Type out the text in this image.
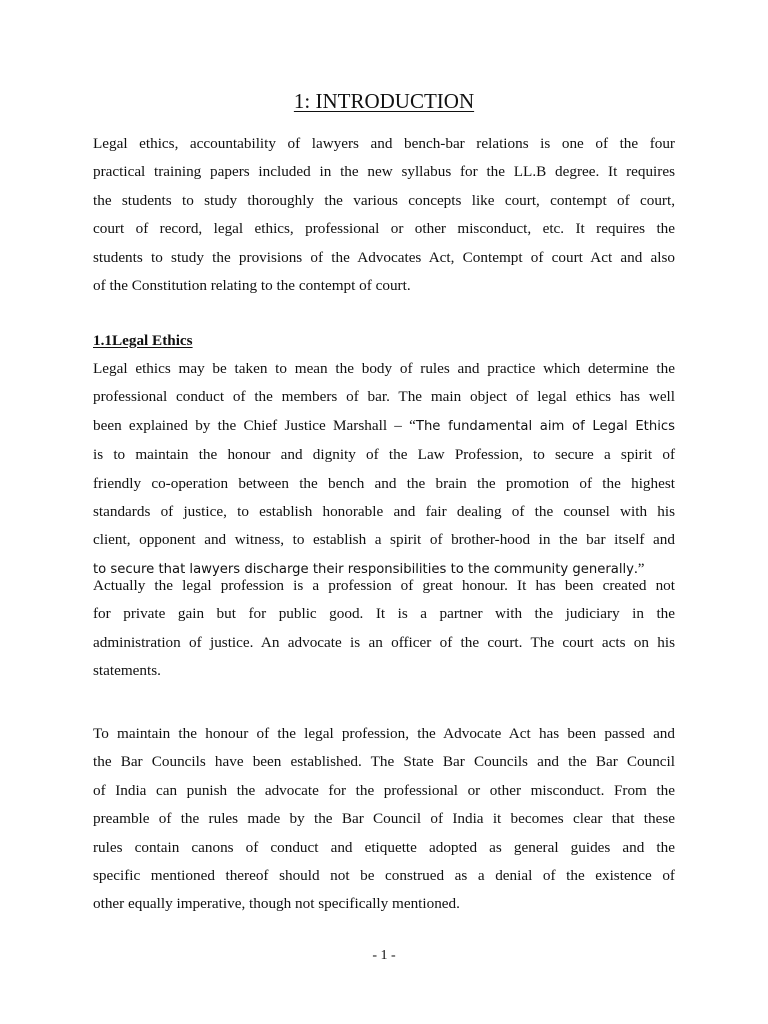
1: INTRODUCTION

Legal ethics, accountability of lawyers and bench-bar relations is one of the four
practical training papers included in the new syllabus for the LL.B degree. It requires
the students to study thoroughly the various concepts like court, contempt of court,
court of record, legal ethics, professional or other misconduct, etc. It requires the
students to study the provisions of the Advocates Act, Contempt of court Act and also
of the Constitution relating to the contempt of court.

1.1Legal Ethics

Legal ethics may be taken to mean the body of rules and practice which determine the
professional conduct of the members of bar. The main object of legal ethics has well
been explained by the Chief Justice Marshall – “The fundamental aim of Legal Ethics
is to maintain the honour and dignity of the Law Profession, to secure a spirit of
friendly co-operation between the bench and the brain the promotion of the highest
standards of justice, to establish honorable and fair dealing of the counsel with his
client, opponent and witness, to establish a spirit of brother-hood in the bar itself and
to secure that lawyers discharge their responsibilities to the community generally.”

Actually the legal profession is a profession of great honour. It has been created not
for private gain but for public good. It is a partner with the judiciary in the
administration of justice. An advocate is an officer of the court. The court acts on his
statements.

To maintain the honour of the legal profession, the Advocate Act has been passed and
the Bar Councils have been established. The State Bar Councils and the Bar Council
of India can punish the advocate for the professional or other misconduct. From the
preamble of the rules made by the Bar Council of India it becomes clear that these
rules contain canons of conduct and etiquette adopted as general guides and the
specific mentioned thereof should not be construed as a denial of the existence of
other equally imperative, though not specifically mentioned.

- 1 -
